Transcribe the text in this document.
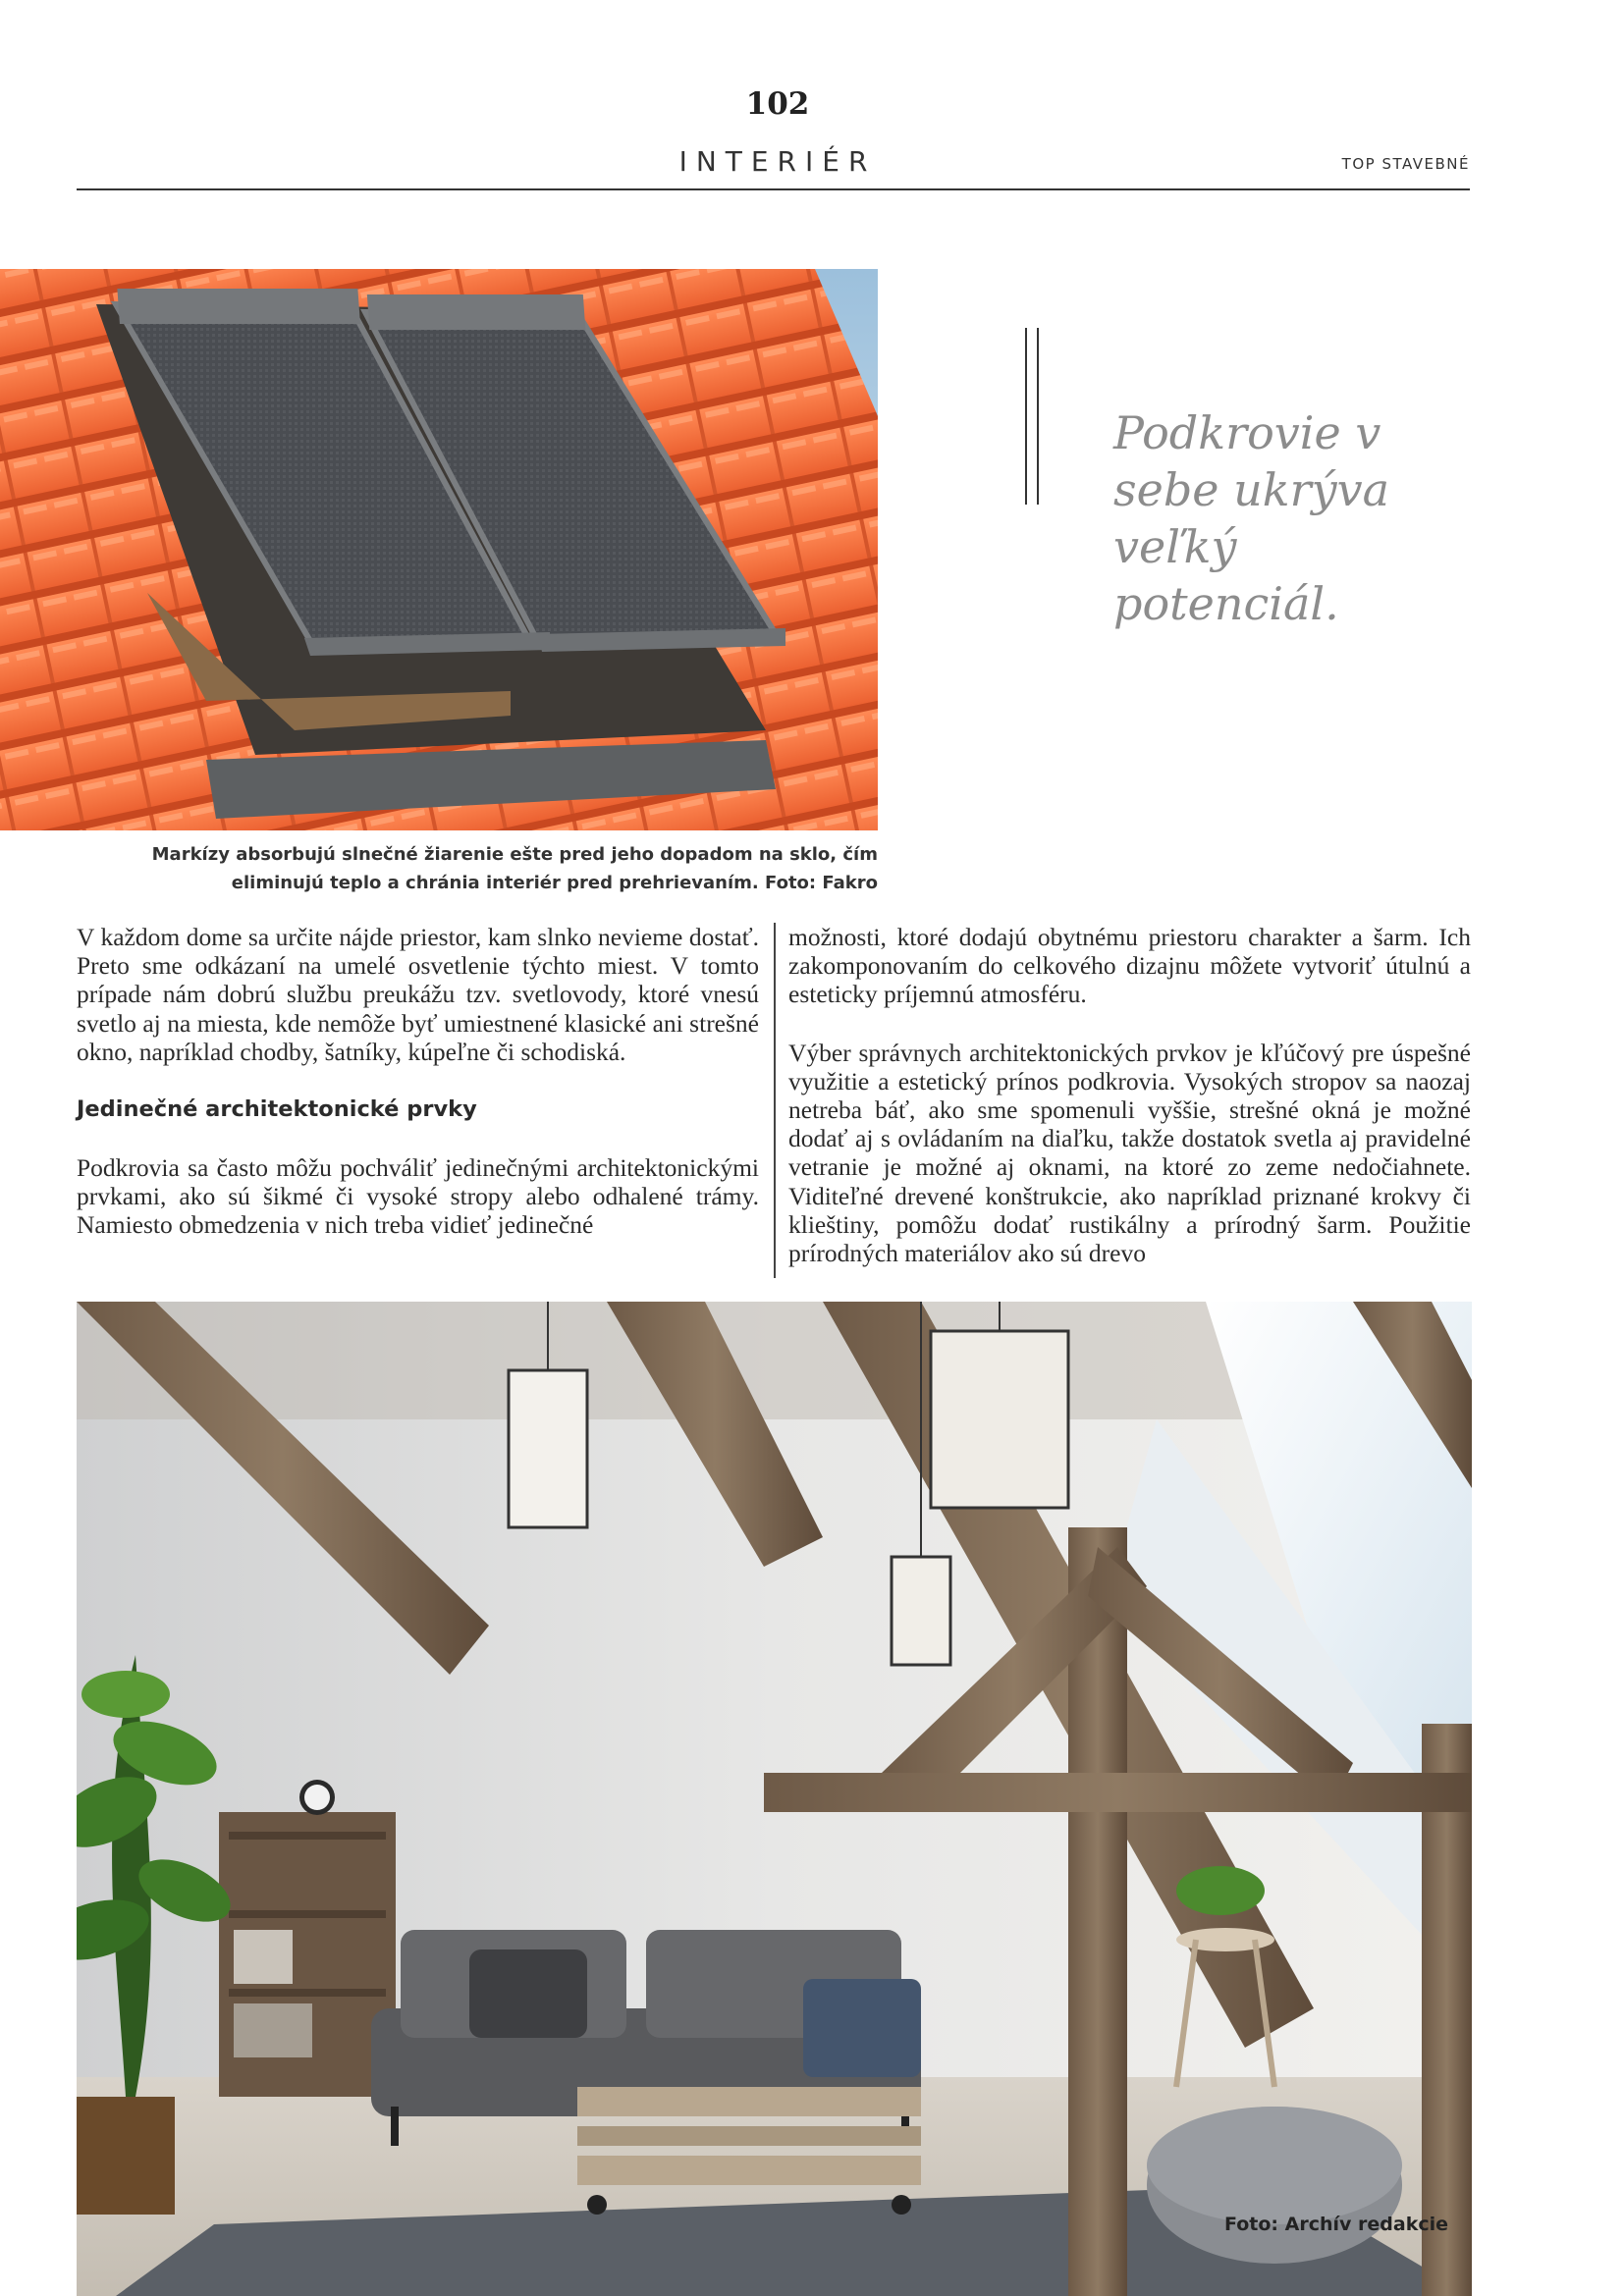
102
INTERIÉR	TOP STAVEBNÉ
Markízy absorbujú slnečné žiarenie ešte pred jeho dopadom na sklo, čím eliminujú teplo a chránia interiér pred prehrievaním. Foto: Fakro
Podkrovie v sebe ukrýva veľký potenciál.

V každom dome sa určite nájde priestor, kam slnko nevieme dostať. Preto sme odkázaní na umelé osvetlenie týchto miest. V tomto prípade nám dobrú službu preukážu tzv. svetlovody, ktoré vnesú svetlo aj na miesta, kde nemôže byť umiestnené klasické ani strešné okno, napríklad chodby, šatníky, kúpeľne či schodiská.

Jedinečné architektonické prvky

Podkrovia sa často môžu pochváliť jedinečnými architektonickými prvkami, ako sú šikmé či vysoké stropy alebo odhalené trámy. Namiesto obmedzenia v nich treba vidieť jedinečné

možnosti, ktoré dodajú obytnému priestoru charakter a šarm. Ich zakomponovaním do celkového dizajnu môžete vytvoriť útulnú a esteticky príjemnú atmosféru.

Výber správnych architektonických prvkov je kľúčový pre úspešné využitie a estetický prínos podkrovia. Vysokých stropov sa naozaj netreba báť, ako sme spomenuli vyššie, strešné okná je možné dodať aj s ovládaním na diaľku, takže dostatok svetla aj pravidelné vetranie je možné aj oknami, na ktoré zo zeme nedočiahnete. Viditeľné drevené konštrukcie, ako napríklad priznané krokvy či klieštiny, pomôžu dodať rustikálny a prírodný šarm. Použitie prírodných materiálov ako sú drevo

Foto: Archív redakcie
